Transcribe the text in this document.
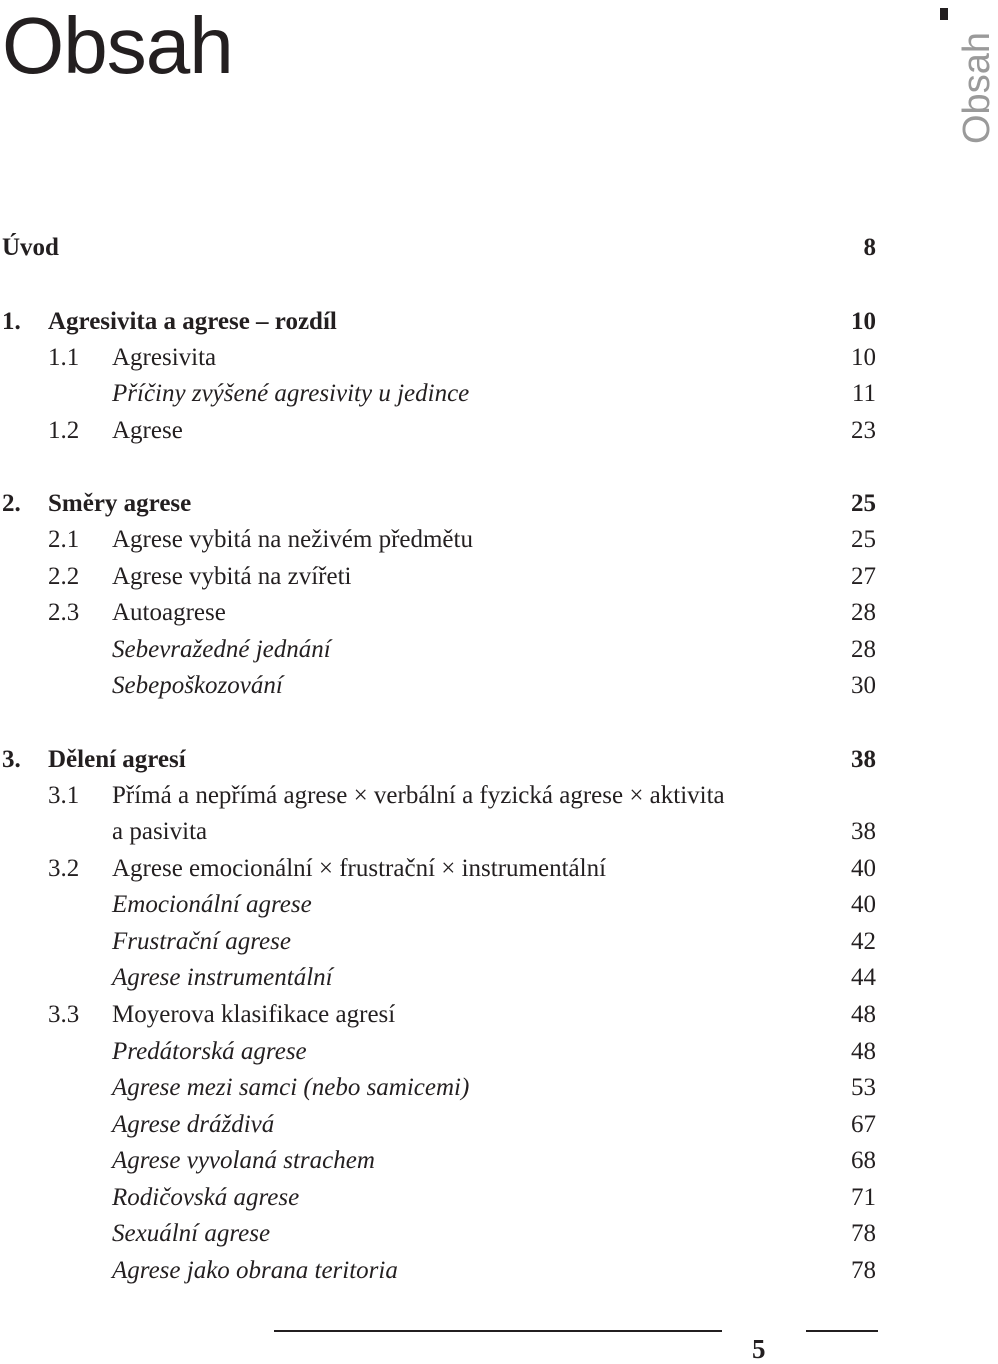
Obsah	Obsah
Úvod	8
1. Agresivita a agrese – rozdíl	10
1.1 Agresivita	10
Příčiny zvýšené agresivity u jedince	11
1.2 Agrese	23
2. Směry agrese	25
2.1 Agrese vybitá na neživém předmětu	25
2.2 Agrese vybitá na zvířeti	27
2.3 Autoagrese	28
Sebevražedné jednání	28
Sebepoškozování	30
3. Dělení agresí	38
3.1 Přímá a nepřímá agrese × verbální a fyzická agrese × aktivita
a pasivita	38
3.2 Agrese emocionální × frustrační × instrumentální	40
Emocionální agrese	40
Frustrační agrese	42
Agrese instrumentální	44
3.3 Moyerova klasifikace agresí	48
Predátorská agrese	48
Agrese mezi samci (nebo samicemi)	53
Agrese dráždivá	67
Agrese vyvolaná strachem	68
Rodičovská agrese	71
Sexuální agrese	78
Agrese jako obrana teritoria	78
5
